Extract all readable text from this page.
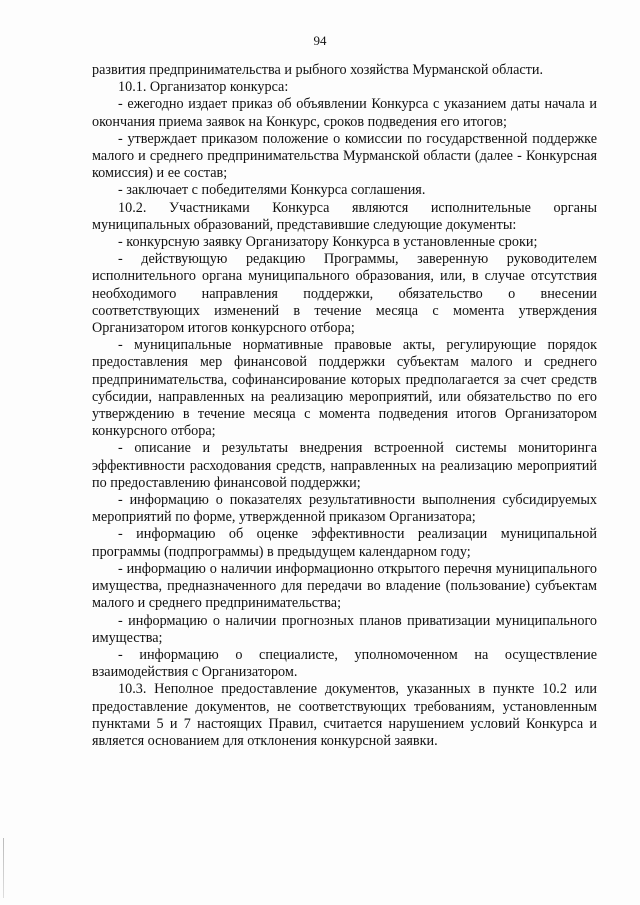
94

развития предпринимательства и рыбного хозяйства Мурманской области.

10.1. Организатор конкурса:

- ежегодно издает приказ об объявлении Конкурса с указанием даты начала и окончания приема заявок на Конкурс, сроков подведения его итогов;

- утверждает приказом положение о комиссии по государственной поддержке малого и среднего предпринимательства Мурманской области (далее - Конкурсная комиссия) и ее состав;

- заключает с победителями Конкурса соглашения.

10.2. Участниками Конкурса являются исполнительные органы муниципальных образований, представившие следующие документы:

- конкурсную заявку Организатору Конкурса в установленные сроки;

- действующую редакцию Программы, заверенную руководителем исполнительного органа муниципального образования, или, в случае отсутствия необходимого направления поддержки, обязательство о внесении соответствующих изменений в течение месяца с момента утверждения Организатором итогов конкурсного отбора;

- муниципальные нормативные правовые акты, регулирующие порядок предоставления мер финансовой поддержки субъектам малого и среднего предпринимательства, софинансирование которых предполагается за счет средств субсидии, направленных на реализацию мероприятий, или обязательство по его утверждению в течение месяца с момента подведения итогов Организатором конкурсного отбора;

- описание и результаты внедрения встроенной системы мониторинга эффективности расходования средств, направленных на реализацию мероприятий по предоставлению финансовой поддержки;

- информацию о показателях результативности выполнения субсидируемых мероприятий по форме, утвержденной приказом Организатора;

- информацию об оценке эффективности реализации муниципальной программы (подпрограммы) в предыдущем календарном году;

- информацию о наличии информационно открытого перечня муниципального имущества, предназначенного для передачи во владение (пользование) субъектам малого и среднего предпринимательства;

- информацию о наличии прогнозных планов приватизации муниципального имущества;

- информацию о специалисте, уполномоченном на осуществление взаимодействия с Организатором.

10.3. Неполное предоставление документов, указанных в пункте 10.2 или предоставление документов, не соответствующих требованиям, установленным пунктами 5 и 7 настоящих Правил, считается нарушением условий Конкурса и является основанием для отклонения конкурсной заявки.
